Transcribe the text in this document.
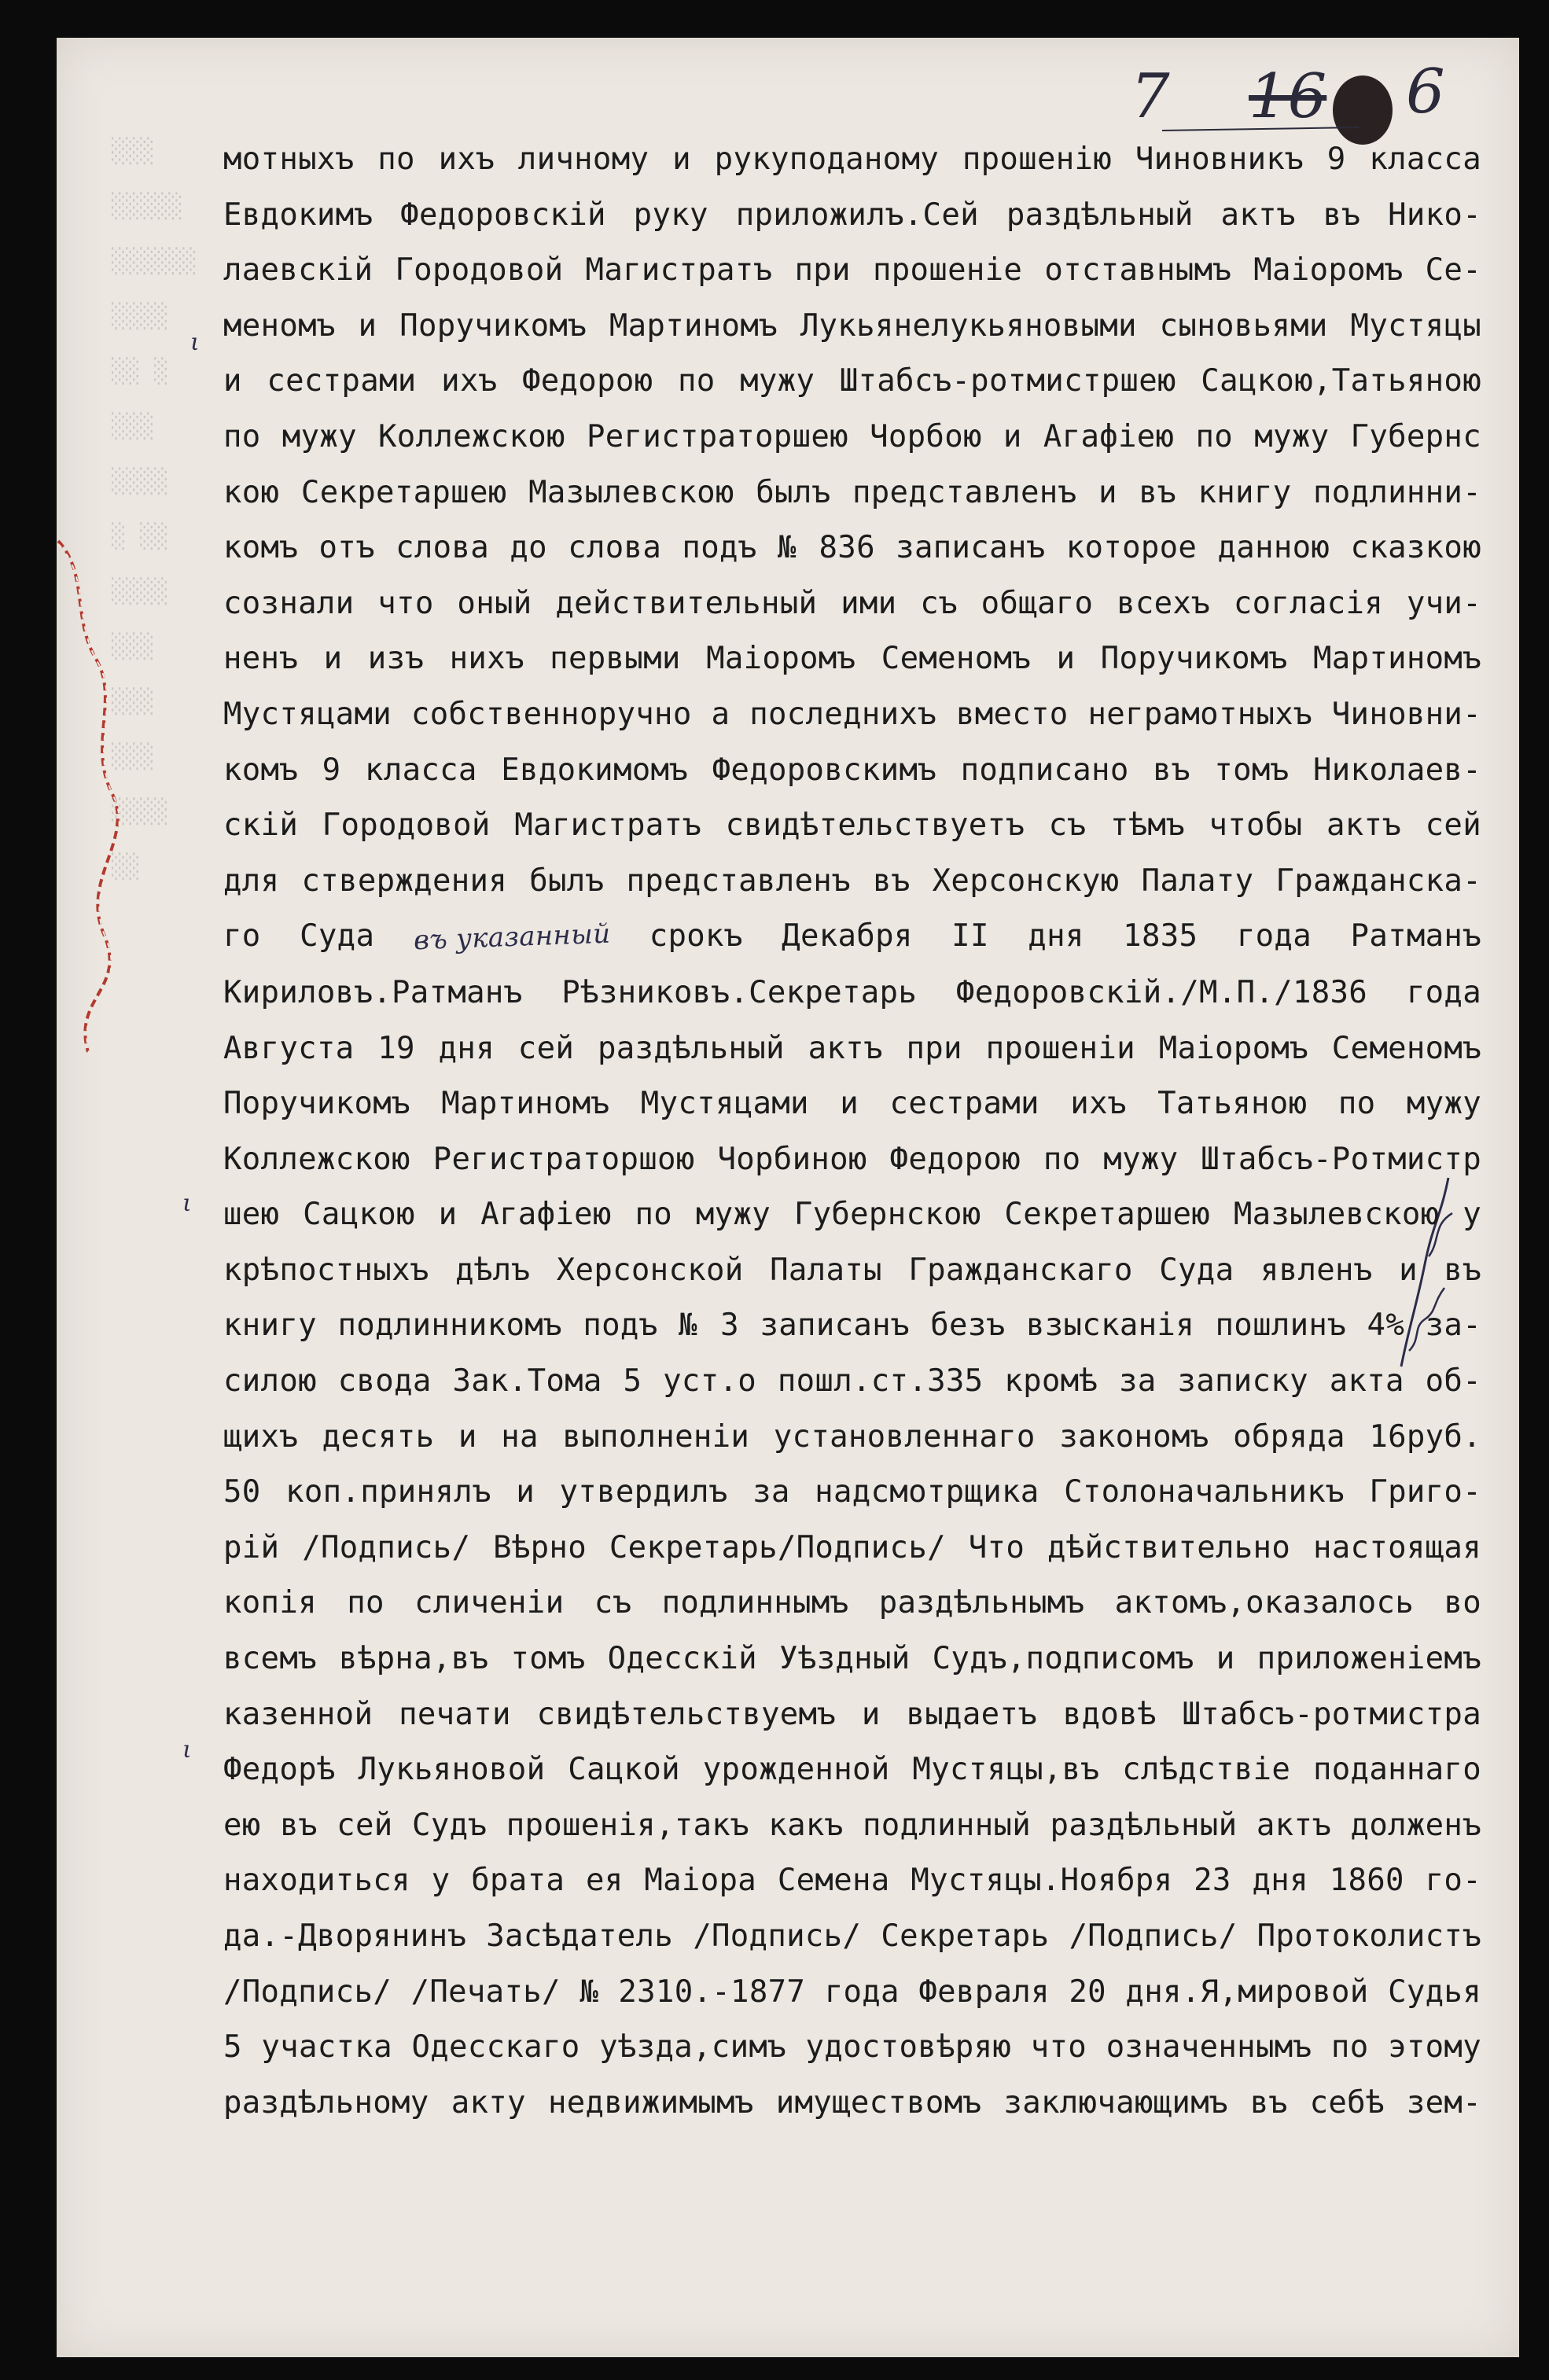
░░░
░░░░░
░░░░░░
░░░░
░░ ░
░░░
░░░░
░ ░░
░░░░
░░░
░░░
░░░
░░░░
░░
7 16 6
ι
ι
ι
мотныхъ по ихъ личному и рукуподаному прошенію Чиновникъ 9 класса
Евдокимъ Федоровскій руку приложилъ.Сей раздѣльный актъ въ Нико-
лаевскій Городовой Магистратъ при прошеніе отставнымъ Маіоромъ Се-
меномъ и Поручикомъ Мартиномъ Лукьянелукьяновыми сыновьями Мустяцы
и сестрами ихъ Федорою по мужу Штабсъ-ротмистршею Сацкою,Татьяною
по мужу Коллежскою Регистраторшею Чорбою и Агафіею по мужу Губернс
кою Секретаршею Мазылевскою былъ представленъ и въ книгу подлинни-
комъ отъ слова до слова подъ № 836 записанъ которое данною сказкою
сознали что оный действительный ими съ общаго всехъ согласія учи-
ненъ и изъ нихъ первыми Маіоромъ Семеномъ и Поручикомъ Мартиномъ
Мустяцами собственноручно а последнихъ вместо неграмотныхъ Чиновни-
комъ 9 класса Евдокимомъ Федоровскимъ подписано въ томъ Николаев-
скій Городовой Магистратъ свидѣтельствуетъ съ тѣмъ чтобы актъ сей
для стверждения былъ представленъ въ Херсонскую Палату Гражданска-
го Суда въ указанный срокъ Декабря II дня 1835 года Ратманъ
Кириловъ.Ратманъ Рѣзниковъ.Секретарь Федоровскій./М.П./1836 года
Августа 19 дня сей раздѣльный актъ при прошеніи Маіоромъ Семеномъ
Поручикомъ Мартиномъ Мустяцами и сестрами ихъ Татьяною по мужу
Коллежскою Регистраторшою Чорбиною Федорою по мужу Штабсъ-Ротмистр
шею Сацкою и Агафіею по мужу Губернскою Секретаршею Мазылевскою у
крѣпостныхъ дѣлъ Херсонской Палаты Гражданскаго Суда явленъ и въ
книгу подлинникомъ подъ № 3 записанъ безъ взысканія пошлинъ 4% за-
силою свода Зак.Тома 5 уст.о пошл.ст.335 кромѣ за записку акта об-
щихъ десять и на выполненіи установленнаго закономъ обряда 16руб.
50 коп.принялъ и утвердилъ за надсмотрщика Столоначальникъ Григо-
рій /Подпись/ Вѣрно Секретарь/Подпись/ Что дѣйствительно настоящая
копія по сличеніи съ подлиннымъ раздѣльнымъ актомъ,оказалось во
всемъ вѣрна,въ томъ Одесскій Уѣздный Судъ,подписомъ и приложеніемъ
казенной печати свидѣтельствуемъ и выдаетъ вдовѣ Штабсъ-ротмистра
Федорѣ Лукьяновой Сацкой урожденной Мустяцы,въ слѣдствіе поданнаго
ею въ сей Судъ прошенія,такъ какъ подлинный раздѣльный актъ долженъ
находиться у брата ея Маіора Семена Мустяцы.Ноября 23 дня 1860 го-
да.-Дворянинъ Засѣдатель /Подпись/ Секретарь /Подпись/ Протоколистъ
/Подпись/ /Печать/ № 2310.-1877 года Февраля 20 дня.Я,мировой Судья
5 участка Одесскаго уѣзда,симъ удостовѣряю что означеннымъ по этому
раздѣльному акту недвижимымъ имуществомъ заключающимъ въ себѣ зем-
